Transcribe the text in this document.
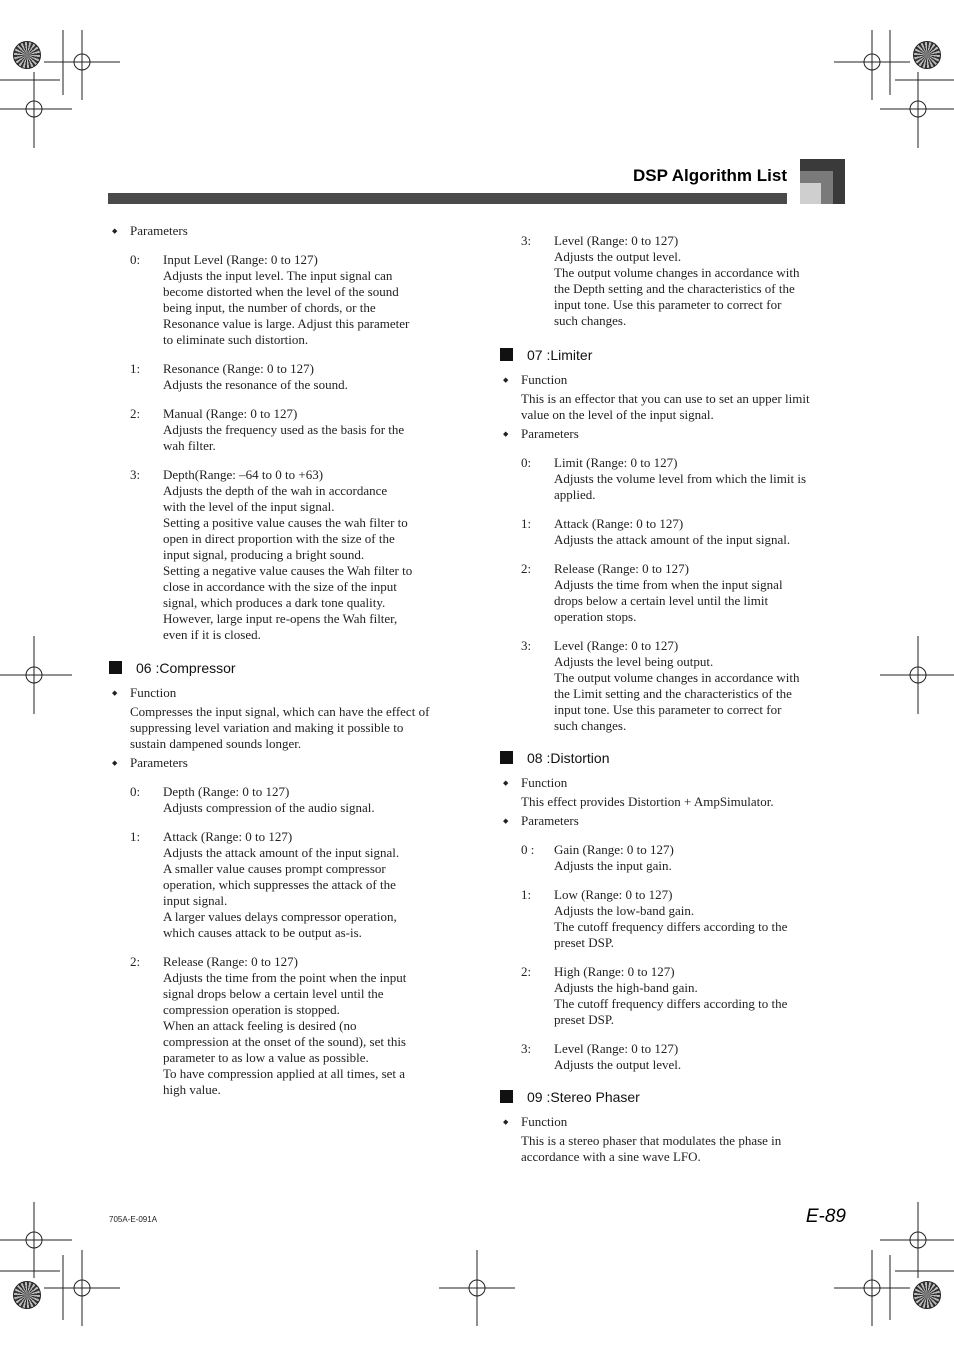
DSP Algorithm List

◆ Parameters

0: Input Level (Range: 0 to 127)
Adjusts the input level. The input signal can
become distorted when the level of the sound
being input, the number of chords, or the
Resonance value is large. Adjust this parameter
to eliminate such distortion.
1: Resonance (Range: 0 to 127)
Adjusts the resonance of the sound.
2: Manual (Range: 0 to 127)
Adjusts the frequency used as the basis for the
wah filter.
3: Depth(Range: –64 to 0 to +63)
Adjusts the depth of the wah in accordance
with the level of the input signal.
Setting a positive value causes the wah filter to
open in direct proportion with the size of the
input signal, producing a bright sound.
Setting a negative value causes the Wah filter to
close in accordance with the size of the input
signal, which produces a dark tone quality.
However, large input re-opens the Wah filter,
even if it is closed.
06 :Compressor

◆ Function

Compresses the input signal, which can have the effect of
suppressing level variation and making it possible to
sustain dampened sounds longer.

◆ Parameters

0: Depth (Range: 0 to 127)
Adjusts compression of the audio signal.
1: Attack (Range: 0 to 127)
Adjusts the attack amount of the input signal.
A smaller value causes prompt compressor
operation, which suppresses the attack of the
input signal.
A larger values delays compressor operation,
which causes attack to be output as-is.
2: Release (Range: 0 to 127)
Adjusts the time from the point when the input
signal drops below a certain level until the
compression operation is stopped.
When an attack feeling is desired (no
compression at the onset of the sound), set this
parameter to as low a value as possible.
To have compression applied at all times, set a
high value.
3: Level (Range: 0 to 127)
Adjusts the output level.
The output volume changes in accordance with
the Depth setting and the characteristics of the
input tone. Use this parameter to correct for
such changes.
07 :Limiter

◆ Function

This is an effector that you can use to set an upper limit
value on the level of the input signal.

◆ Parameters

0: Limit (Range: 0 to 127)
Adjusts the volume level from which the limit is
applied.
1: Attack (Range: 0 to 127)
Adjusts the attack amount of the input signal.
2: Release (Range: 0 to 127)
Adjusts the time from when the input signal
drops below a certain level until the limit
operation stops.
3: Level (Range: 0 to 127)
Adjusts the level being output.
The output volume changes in accordance with
the Limit setting and the characteristics of the
input tone. Use this parameter to correct for
such changes.
08 :Distortion

◆ Function

This effect provides Distortion + AmpSimulator.

◆ Parameters

0 : Gain (Range: 0 to 127)
Adjusts the input gain.
1: Low (Range: 0 to 127)
Adjusts the low-band gain.
The cutoff frequency differs according to the
preset DSP.
2: High (Range: 0 to 127)
Adjusts the high-band gain.
The cutoff frequency differs according to the
preset DSP.
3: Level (Range: 0 to 127)
Adjusts the output level.
09 :Stereo Phaser

◆ Function

This is a stereo phaser that modulates the phase in
accordance with a sine wave LFO.
705A-E-091A	E-89
